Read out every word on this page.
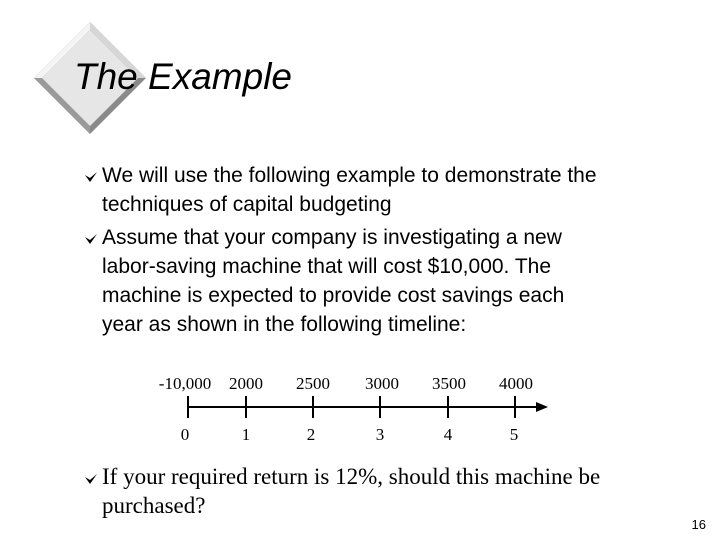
The Example
We will use the following example to demonstrate the
techniques of capital budgeting
Assume that your company is investigating a new
labor-saving machine that will cost $10,000. The
machine is expected to provide cost savings each
year as shown in the following timeline:
-10,000 2000 2500 3000 3500 4000
0	1	2	3	4	5
If your required return is 12%, should this machine be
purchased?
16
